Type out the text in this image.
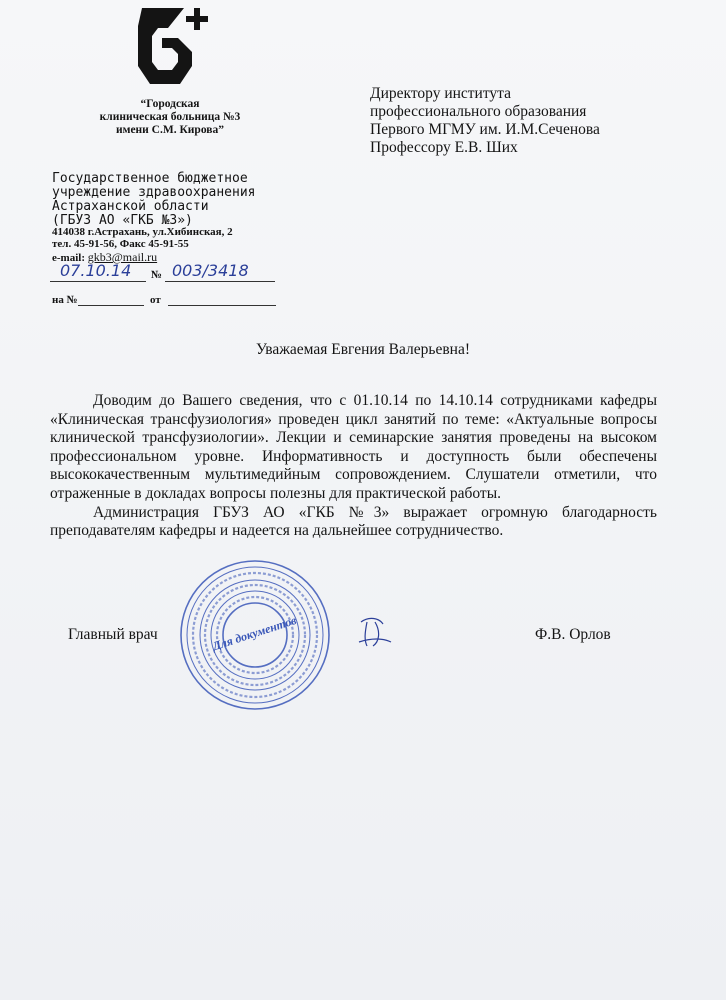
“Городская
клиническая больница №3
имени С.М. Кирова”
Директору института
профессионального образования
Первого МГМУ им. И.М.Сеченова
Профессору Е.В. Ших
Государственное бюджетное
учреждение здравоохранения
Астраханской области
(ГБУЗ АО «ГКБ №3»)
414038 г.Астрахань, ул.Хибинская, 2
тел. 45-91-56, Факс 45-91-55
e-mail: gkb3@mail.ru
07.10.14 № 003/3418
на №	от
Уважаемая Евгения Валерьевна!

Доводим до Вашего сведения, что с 01.10.14 по 14.10.14 сотрудниками кафедры «Клиническая трансфузиология» проведен цикл занятий по теме: «Актуальные вопросы клинической трансфузиологии». Лекции и семинарские занятия проведены на высоком профессиональном уровне. Информативность и доступность были обеспечены высококачественным мультимедийным сопровождением. Слушатели отметили, что отраженные в докладах вопросы полезны для практической работы.

Администрация ГБУЗ АО «ГКБ №3» выражает огромную благодарность преподавателям кафедры и надеется на дальнейшее сотрудничество.

Для документов
Главный врач	Ф.В. Орлов
